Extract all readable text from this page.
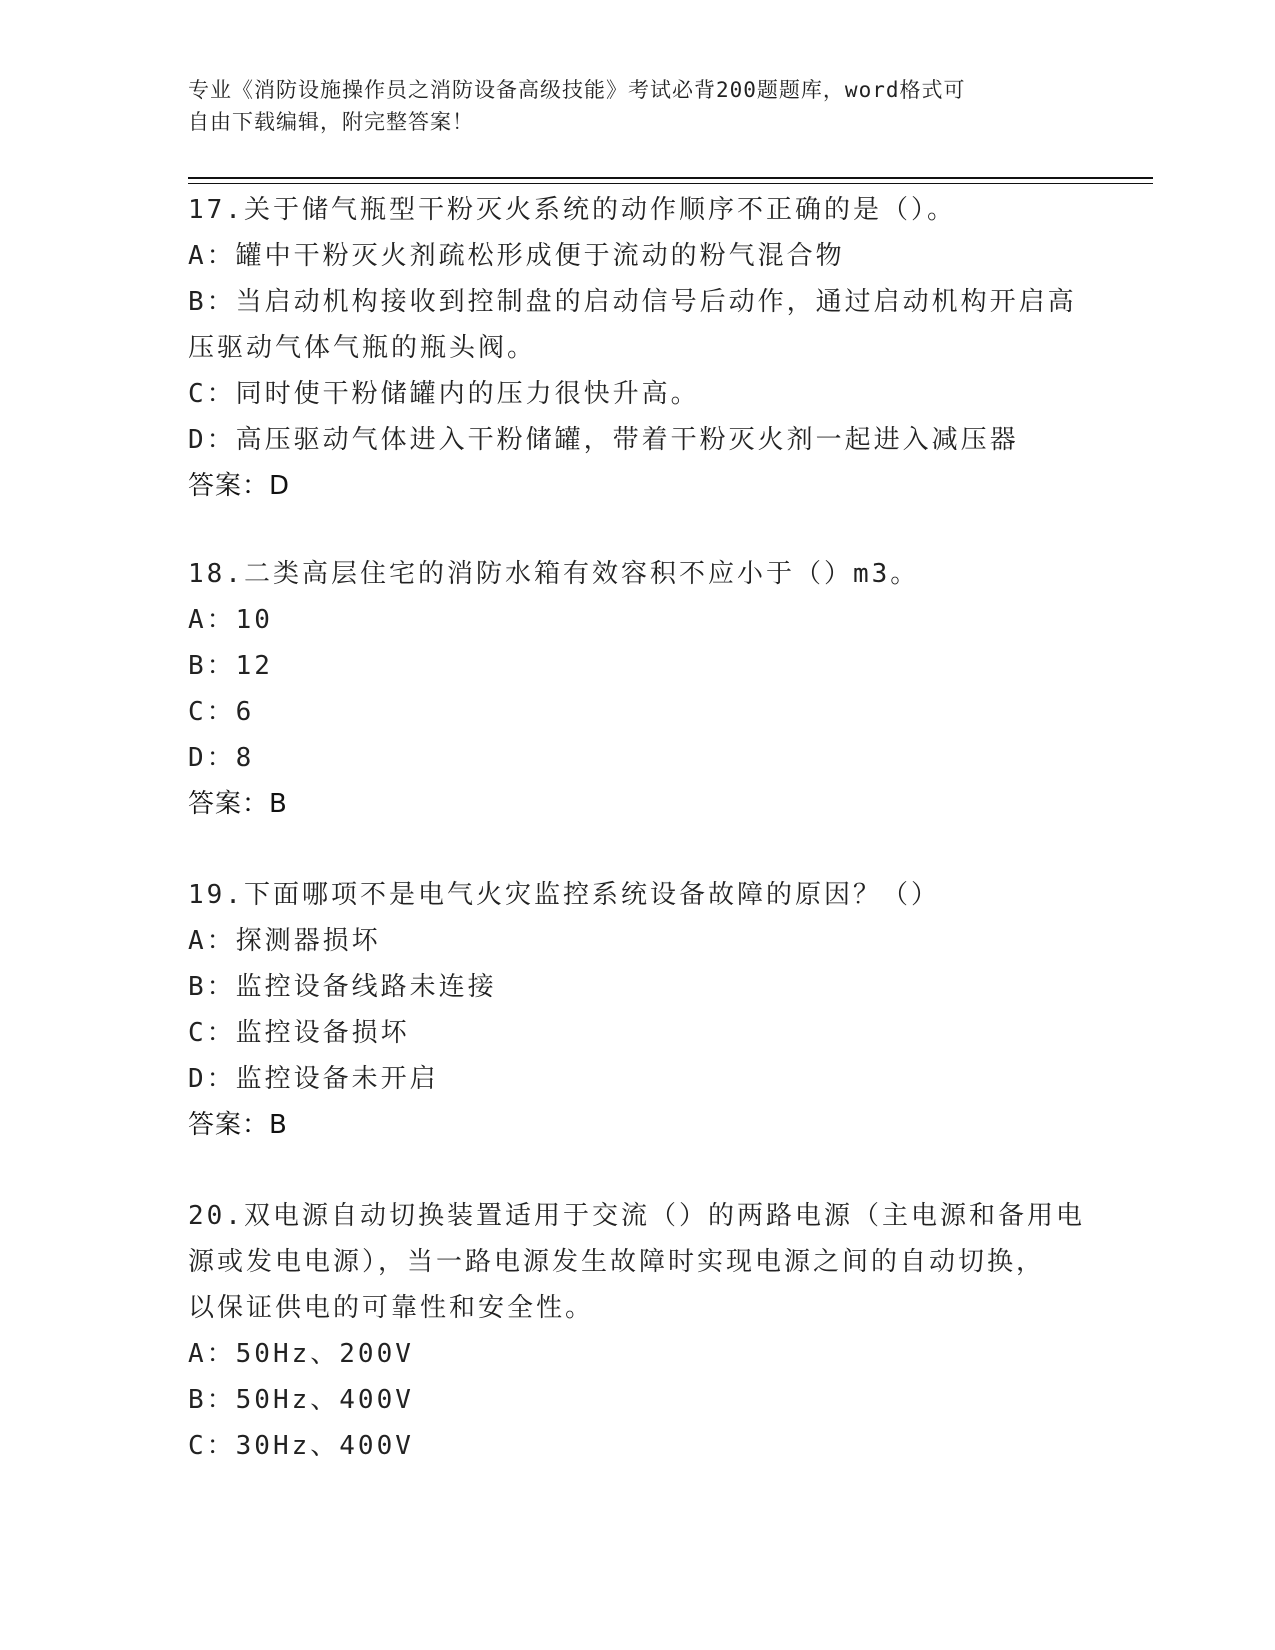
专业《消防设施操作员之消防设备高级技能》考试必背200题题库，word格式可
自由下载编辑，附完整答案！
17.关于储气瓶型干粉灭火系统的动作顺序不正确的是（）。
A：罐中干粉灭火剂疏松形成便于流动的粉气混合物
B：当启动机构接收到控制盘的启动信号后动作，通过启动机构开启高
压驱动气体气瓶的瓶头阀。
C：同时使干粉储罐内的压力很快升高。
D：高压驱动气体进入干粉储罐，带着干粉灭火剂一起进入减压器
答案：D
18.二类高层住宅的消防水箱有效容积不应小于（）m3。
A：10
B：12
C：6
D：8
答案：B
19.下面哪项不是电气火灾监控系统设备故障的原因？（）
A：探测器损坏
B：监控设备线路未连接
C：监控设备损坏
D：监控设备未开启
答案：B
20.双电源自动切换装置适用于交流（）的两路电源（主电源和备用电
源或发电电源），当一路电源发生故障时实现电源之间的自动切换，
以保证供电的可靠性和安全性。
A：50Hz、200V
B：50Hz、400V
C：30Hz、400V
